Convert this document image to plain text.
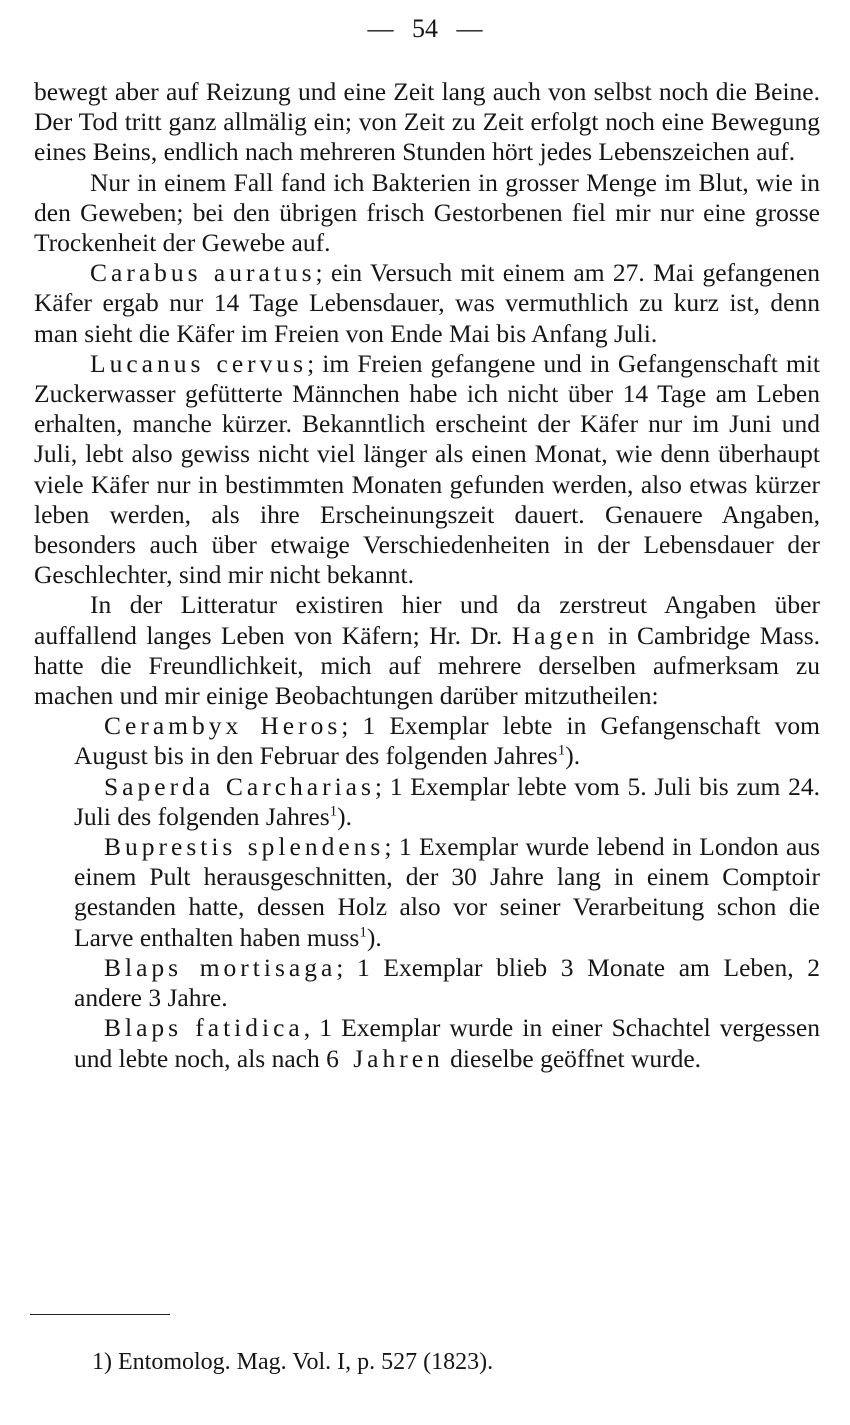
— 54 —

bewegt aber auf Reizung und eine Zeit lang auch von selbst noch die Beine. Der Tod tritt ganz allmälig ein; von Zeit zu Zeit erfolgt noch eine Bewegung eines Beins, endlich nach mehreren Stunden hört jedes Lebenszeichen auf.

Nur in einem Fall fand ich Bakterien in grosser Menge im Blut, wie in den Geweben; bei den übrigen frisch Gestorbenen fiel mir nur eine grosse Trockenheit der Gewebe auf.

Carabus auratus; ein Versuch mit einem am 27. Mai gefangenen Käfer ergab nur 14 Tage Lebensdauer, was vermuthlich zu kurz ist, denn man sieht die Käfer im Freien von Ende Mai bis Anfang Juli.

Lucanus cervus; im Freien gefangene und in Gefangenschaft mit Zuckerwasser gefütterte Männchen habe ich nicht über 14 Tage am Leben erhalten, manche kürzer. Bekanntlich erscheint der Käfer nur im Juni und Juli, lebt also gewiss nicht viel länger als einen Monat, wie denn überhaupt viele Käfer nur in bestimmten Monaten gefunden werden, also etwas kürzer leben werden, als ihre Erscheinungszeit dauert. Genauere Angaben, besonders auch über etwaige Verschiedenheiten in der Lebensdauer der Geschlechter, sind mir nicht bekannt.

In der Litteratur existiren hier und da zerstreut Angaben über auffallend langes Leben von Käfern; Hr. Dr. Hagen in Cambridge Mass. hatte die Freundlichkeit, mich auf mehrere derselben aufmerksam zu machen und mir einige Beobachtungen darüber mitzutheilen:

Cerambyx Heros; 1 Exemplar lebte in Gefangenschaft vom August bis in den Februar des folgenden Jahres$^1$).

Saperda Carcharias; 1 Exemplar lebte vom 5. Juli bis zum 24. Juli des folgenden Jahres$^1$).

Buprestis splendens; 1 Exemplar wurde lebend in London aus einem Pult herausgeschnitten, der 30 Jahre lang in einem Comptoir gestanden hatte, dessen Holz also vor seiner Verarbeitung schon die Larve enthalten haben muss$^1$).

Blaps mortisaga; 1 Exemplar blieb 3 Monate am Leben, 2 andere 3 Jahre.

Blaps fatidica, 1 Exemplar wurde in einer Schachtel vergessen und lebte noch, als nach 6 Jahren dieselbe geöffnet wurde.

1) Entomolog. Mag. Vol. I, p. 527 (1823).
